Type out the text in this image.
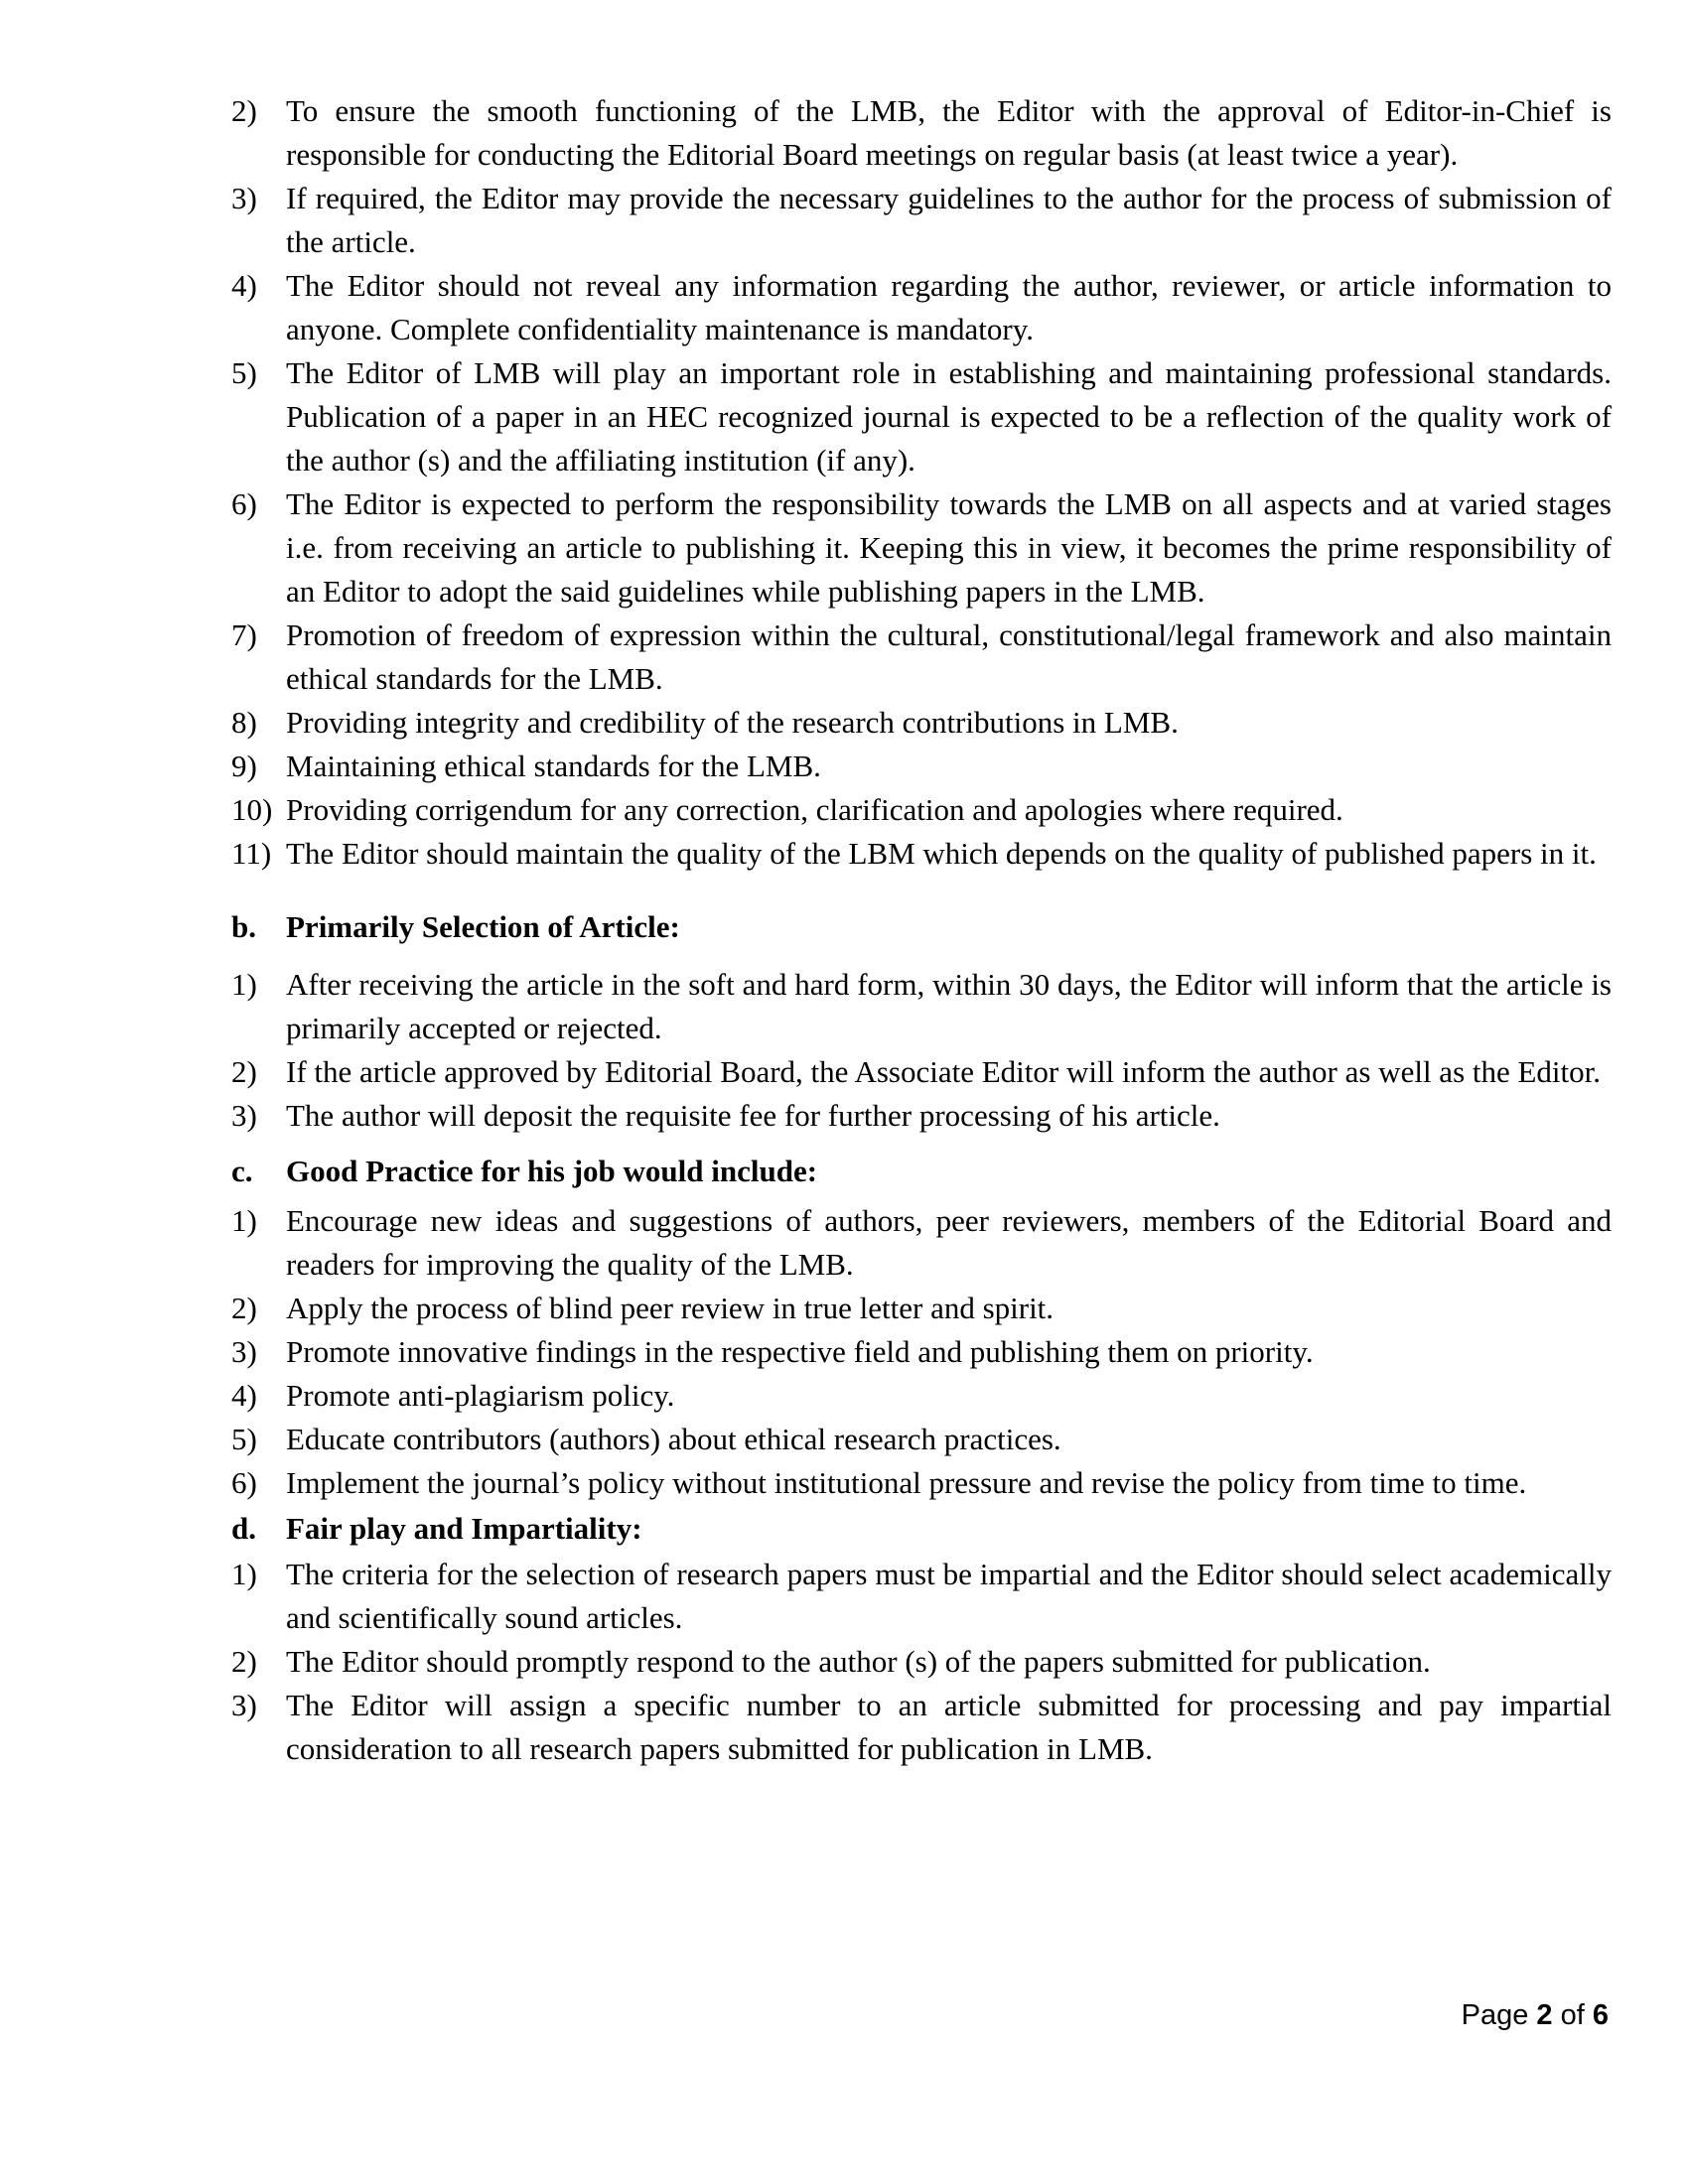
2) To ensure the smooth functioning of the LMB, the Editor with the approval of Editor-in-Chief is responsible for conducting the Editorial Board meetings on regular basis (at least twice a year).
3) If required, the Editor may provide the necessary guidelines to the author for the process of submission of the article.
4) The Editor should not reveal any information regarding the author, reviewer, or article information to anyone. Complete confidentiality maintenance is mandatory.
5) The Editor of LMB will play an important role in establishing and maintaining professional standards. Publication of a paper in an HEC recognized journal is expected to be a reflection of the quality work of the author (s) and the affiliating institution (if any).
6) The Editor is expected to perform the responsibility towards the LMB on all aspects and at varied stages i.e. from receiving an article to publishing it. Keeping this in view, it becomes the prime responsibility of an Editor to adopt the said guidelines while publishing papers in the LMB.
7) Promotion of freedom of expression within the cultural, constitutional/legal framework and also maintain ethical standards for the LMB.
8) Providing integrity and credibility of the research contributions in LMB.
9) Maintaining ethical standards for the LMB.
10) Providing corrigendum for any correction, clarification and apologies where required.
11) The Editor should maintain the quality of the LBM which depends on the quality of published papers in it.
b. Primarily Selection of Article:
1) After receiving the article in the soft and hard form, within 30 days, the Editor will inform that the article is primarily accepted or rejected.
2) If the article approved by Editorial Board, the Associate Editor will inform the author as well as the Editor.
3) The author will deposit the requisite fee for further processing of his article.
c.	Good Practice for his job would include:
1) Encourage new ideas and suggestions of authors, peer reviewers, members of the Editorial Board and readers for improving the quality of the LMB.
2) Apply the process of blind peer review in true letter and spirit.
3) Promote innovative findings in the respective field and publishing them on priority.
4) Promote anti-plagiarism policy.
5) Educate contributors (authors) about ethical research practices.
6) Implement the journal’s policy without institutional pressure and revise the policy from time to time.
d. Fair play and Impartiality:
1) The criteria for the selection of research papers must be impartial and the Editor should select academically and scientifically sound articles.
2) The Editor should promptly respond to the author (s) of the papers submitted for publication.
3) The Editor will assign a specific number to an article submitted for processing and pay impartial consideration to all research papers submitted for publication in LMB.
Page 2 of 6
